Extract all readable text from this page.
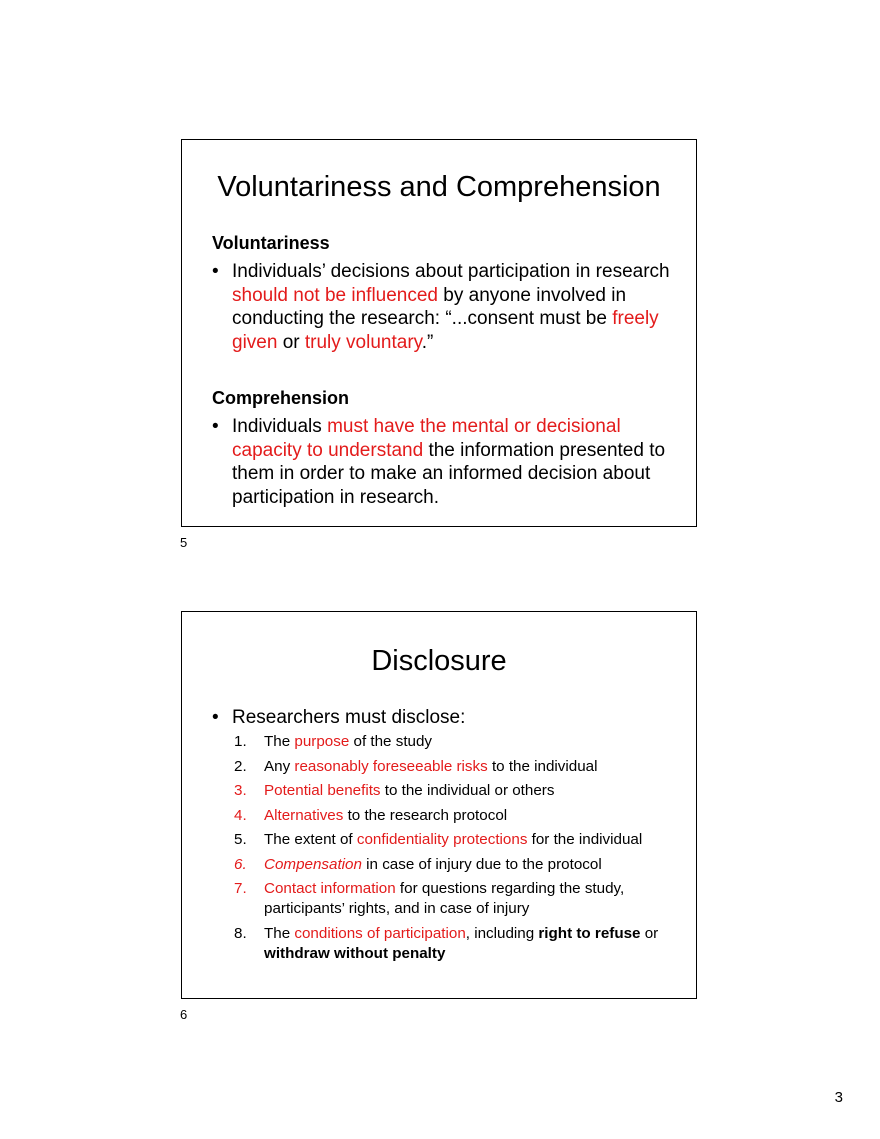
Voluntariness and Comprehension
Voluntariness
• Individuals’ decisions about participation in research should not be influenced by anyone involved in conducting the research: “...consent must be freely given or truly voluntary.”
Comprehension
• Individuals must have the mental or decisional capacity to understand the information presented to them in order to make an informed decision about participation in research.
5
Disclosure
• Researchers must disclose:
1. The purpose of the study
2. Any reasonably foreseeable risks to the individual
3. Potential benefits to the individual or others
4. Alternatives to the research protocol
5. The extent of confidentiality protections for the individual
6. Compensation in case of injury due to the protocol
7. Contact information for questions regarding the study, participants’ rights, and in case of injury
8. The conditions of participation, including right to refuse or withdraw without penalty
6
3
